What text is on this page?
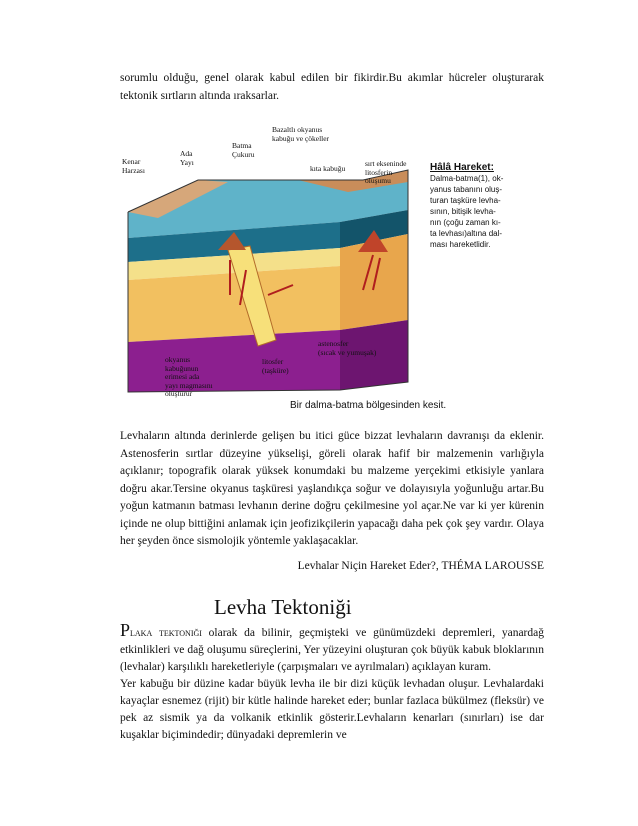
sorumlu olduğu, genel olarak kabul edilen bir fikirdir.Bu akımlar hücreler oluşturarak tektonik sırtların altında ıraksarlar.

Kenar
Harzası
Ada
Yayı
Batma
Çukuru
Bazaltlı okyanus
kabuğu ve çökeller
kıta kabuğu
sırt ekseninde
litosferin
oluşumu
okyanus
kabuğunun
erimesi ada
yayı magmasını
oluşturur
litosfer
(taşküre)
astenosfer
(sıcak ve yumuşak)
Hâlâ Hareket:
Dalma-batma(1), ok-
yanus tabanını oluş-
turan taşküre levha-
sının, bitişik levha-
nın (çoğu zaman kı-
ta levhası)altına dal-
ması hareketlidir.
Bir dalma-batma bölgesinden kesit.

Levhaların altında derinlerde gelişen bu itici güce bizzat levhaların davranışı da eklenir. Astenosferin sırtlar düzeyine yükselişi, göreli olarak hafif bir malzemenin varlığıyla açıklanır; topografik olarak yüksek konumdaki bu malzeme yerçekimi etkisiyle yanlara doğru akar.Tersine okyanus taşküresi yaşlandıkça soğur ve dolayısıyla yoğunluğu artar.Bu yoğun katmanın batması levhanın derine doğru çekilmesine yol açar.Ne var ki yer kürenin içinde ne olup bittiğini anlamak için jeofizikçilerin yapacağı daha pek çok şey vardır. Olaya her şeyden önce sismolojik yöntemle yaklaşacaklar.

Levhalar Niçin Hareket Eder?, THÉMA LAROUSSE
Levha Tektoniği
Plaka tektoniği olarak da bilinir, geçmişteki ve günümüzdeki depremleri, yanardağ etkinlikleri ve dağ oluşumu süreçlerini, Yer yüzeyini oluşturan çok büyük kabuk bloklarının (levhalar) karşılıklı hareketleriyle (çarpışmaları ve ayrılmaları) açıklayan kuram.
Yer kabuğu bir düzine kadar büyük levha ile bir dizi küçük levhadan oluşur. Levhalardaki kayaçlar esnemez (rijit) bir kütle halinde hareket eder; bunlar fazlaca bükülmez (fleksür) ve pek az sismik ya da volkanik etkinlik gösterir.Levhaların kenarları (sınırları) ise dar kuşaklar biçimindedir; dünyadaki depremlerin ve
